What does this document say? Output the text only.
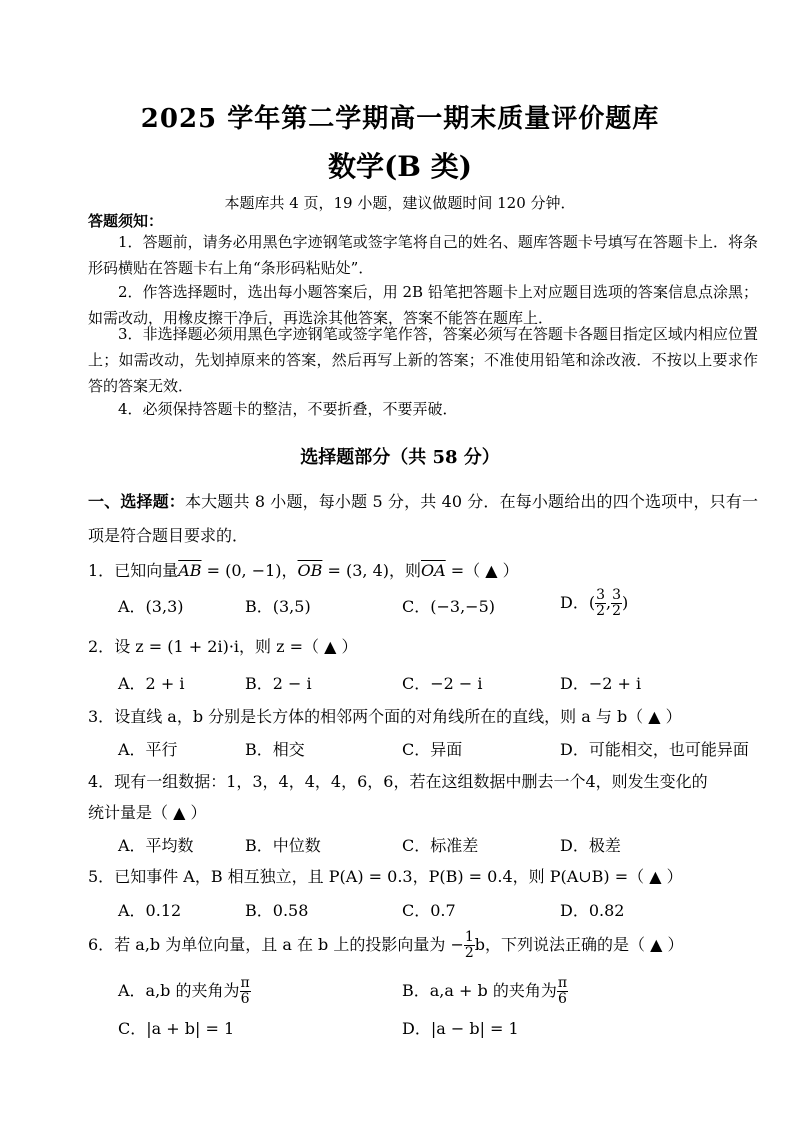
2025 学年第二学期高一期末质量评价题库
数学(B 类)
本题库共 4 页，19 小题，建议做题时间 120 分钟．
答题须知：
1．答题前，请务必用黑色字迹钢笔或签字笔将自己的姓名、题库答题卡号填写在答题卡上．将条形码横贴在答题卡右上角“条形码粘贴处”．
2．作答选择题时，选出每小题答案后，用 2B 铅笔把答题卡上对应题目选项的答案信息点涂黑；如需改动，用橡皮擦干净后，再选涂其他答案，答案不能答在题库上．
3．非选择题必须用黑色字迹钢笔或签字笔作答，答案必须写在答题卡各题目指定区域内相应位置上；如需改动，先划掉原来的答案，然后再写上新的答案；不准使用铅笔和涂改液．不按以上要求作答的答案无效．
4．必须保持答题卡的整洁，不要折叠，不要弄破．
选择题部分（共 58 分）
一、选择题：本大题共 8 小题，每小题 5 分，共 40 分．在每小题给出的四个选项中，只有一项是符合题目要求的．
1．已知向量$\overline{AB} = (0$, −1)，$\overline{OB} = (3$, 4)，则$\overline{OA}$ =（ ▲ ）
A．(3,3)	B．(3,5)	C．(−3,−5)	D．( $\frac{3}{2}$ , $\frac{3}{2}$ )
2．设 z = (1 + 2i)·i，则 z =（ ▲ ）
A．2 + i	B．2 − i	C．−2 − i	D．−2 + i
3．设直线 a，b 分别是长方体的相邻两个面的对角线所在的直线，则 a 与 b（ ▲ ）
A．平行	B．相交	C．异面	D．可能相交，也可能异面
4．现有一组数据：1，3，4，4，4，6，6，若在这组数据中删去一个4，则发生变化的
统计量是（ ▲ ）
A．平均数	B．中位数	C．标准差	D．极差
5．已知事件 A，B 相互独立，且 P(A) = 0.3，P(B) = 0.4，则 P(A∪B) =（ ▲ ）
A．0.12	B．0.58	C．0.7	D．0.82
6．若 a,b 为单位向量，且 a 在 b 上的投影向量为 − $\frac{1}{2}$ b，下列说法正确的是（ ▲ ）
A．a,b 的夹角为 $\frac{\pi}{6}$	B．a,a + b 的夹角为 $\frac{\pi}{6}$
C．|a + b| = 1	D．|a − b| = 1
